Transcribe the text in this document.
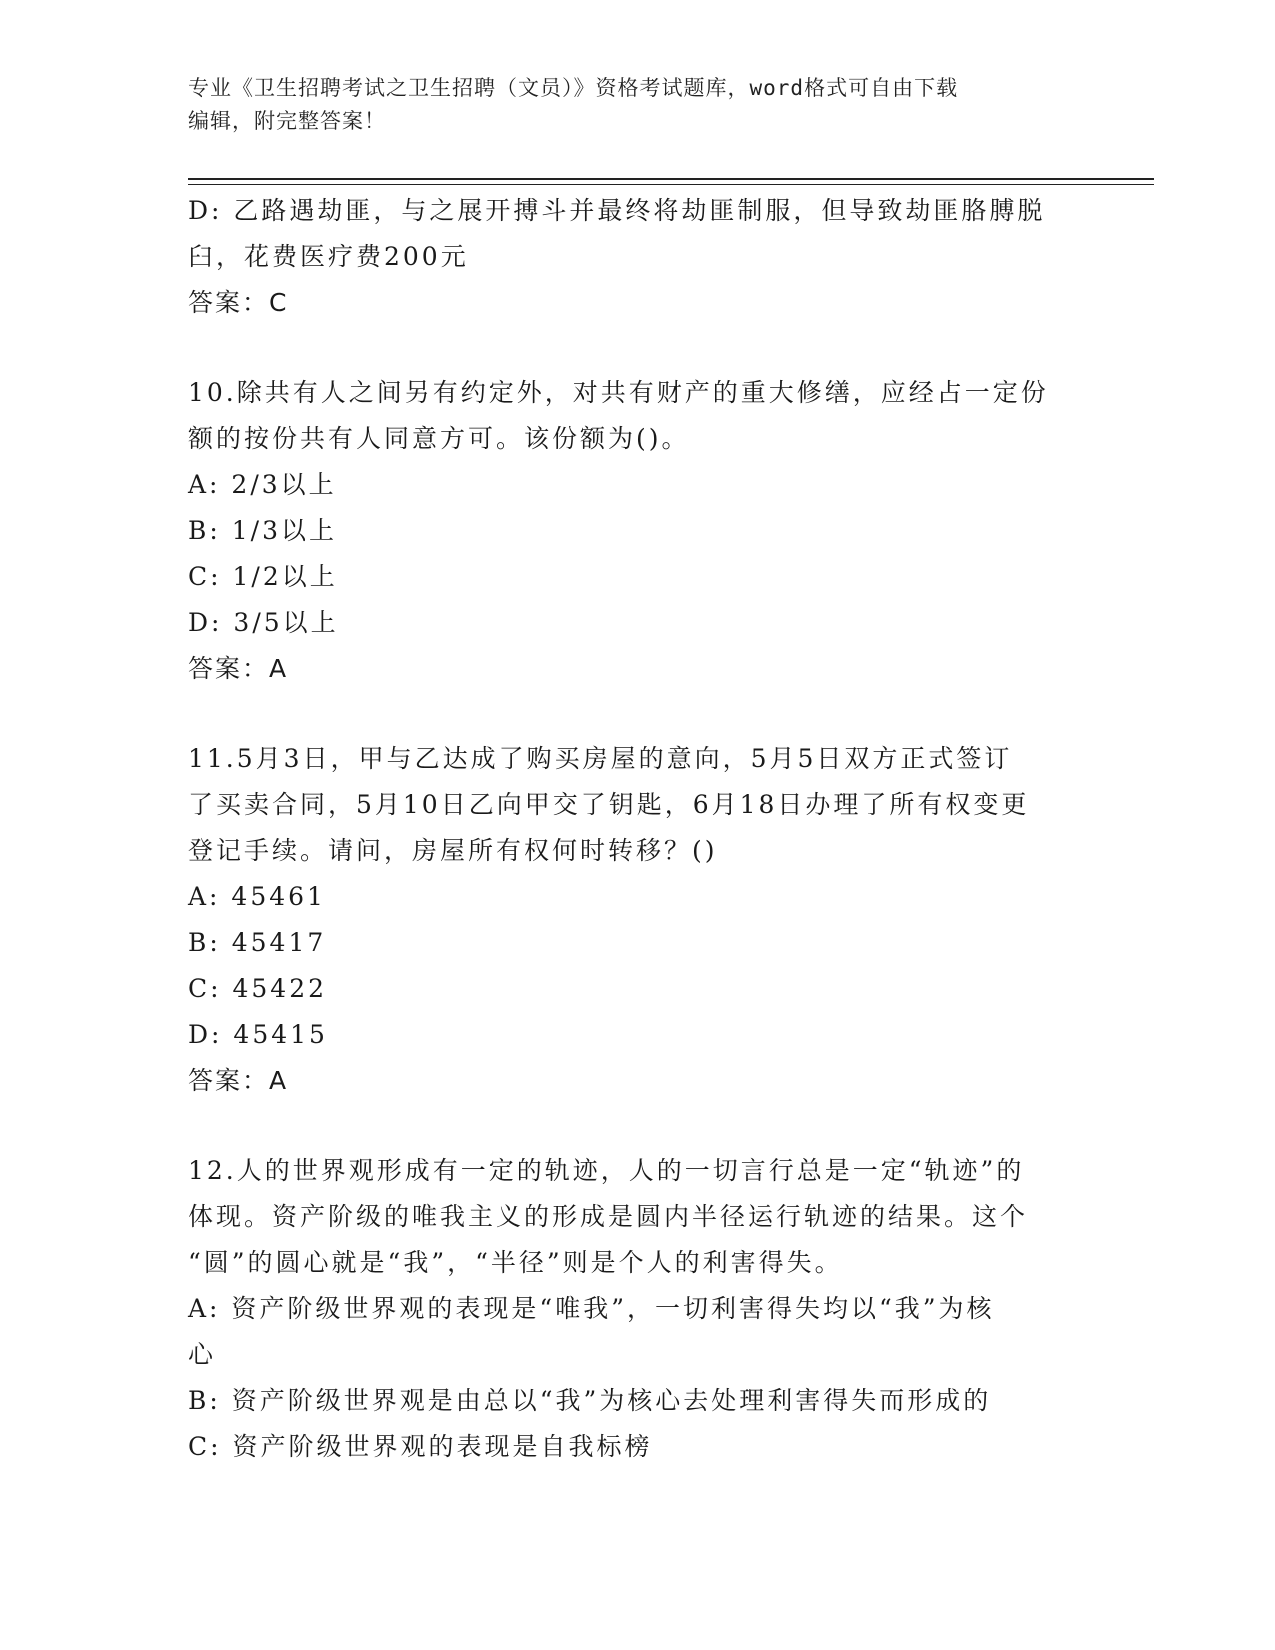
专业《卫生招聘考试之卫生招聘（文员）》资格考试题库，word格式可自由下载
编辑，附完整答案！
D: 乙路遇劫匪，与之展开搏斗并最终将劫匪制服，但导致劫匪胳膊脱
臼，花费医疗费200元
答案：C
10.除共有人之间另有约定外，对共有财产的重大修缮，应经占一定份
额的按份共有人同意方可。该份额为()。
A: 2/3以上
B: 1/3以上
C: 1/2以上
D: 3/5以上
答案：A
11.5月3日，甲与乙达成了购买房屋的意向，5月5日双方正式签订
了买卖合同，5月10日乙向甲交了钥匙，6月18日办理了所有权变更
登记手续。请问，房屋所有权何时转移？()
A: 45461
B: 45417
C: 45422
D: 45415
答案：A
12.人的世界观形成有一定的轨迹，人的一切言行总是一定“轨迹”的
体现。资产阶级的唯我主义的形成是圆内半径运行轨迹的结果。这个
“圆”的圆心就是“我”，“半径”则是个人的利害得失。
A: 资产阶级世界观的表现是“唯我”，一切利害得失均以“我”为核
心
B: 资产阶级世界观是由总以“我”为核心去处理利害得失而形成的
C: 资产阶级世界观的表现是自我标榜
